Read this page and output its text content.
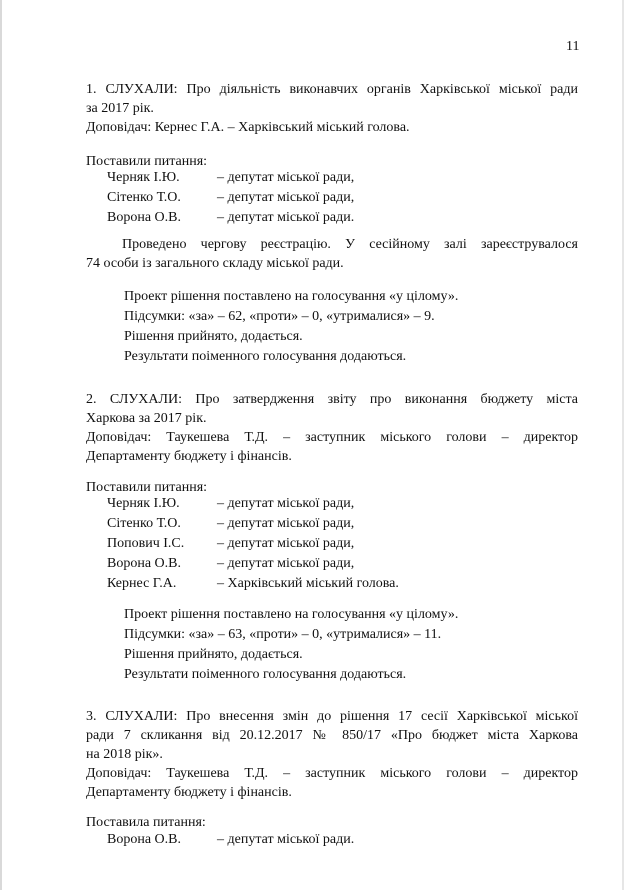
11
1. СЛУХАЛИ: Про діяльність виконавчих органів Харківської міської ради
за 2017 рік.
Доповідач: Кернес Г.А. – Харківський міський голова.
Поставили питання:
Черняк І.Ю.	– депутат міської ради,
Сітенко Т.О.	– депутат міської ради,
Ворона О.В.	– депутат міської ради.
Проведено чергову реєстрацію. У сесійному залі зареєструвалося
74 особи із загального складу міської ради.
Проект рішення поставлено на голосування «у цілому».
Підсумки: «за» – 62, «проти» – 0, «утрималися» – 9.
Рішення прийнято, додається.
Результати поіменного голосування додаються.
2. СЛУХАЛИ: Про затвердження звіту про виконання бюджету міста
Харкова за 2017 рік.
Доповідач: Таукешева Т.Д. – заступник міського голови – директор
Департаменту бюджету і фінансів.
Поставили питання:
Черняк І.Ю.	– депутат міської ради,
Сітенко Т.О.	– депутат міської ради,
Попович І.С. – депутат міської ради,
Ворона О.В.	– депутат міської ради,
Кернес Г.А.	– Харківський міський голова.
Проект рішення поставлено на голосування «у цілому».
Підсумки: «за» – 63, «проти» – 0, «утрималися» – 11.
Рішення прийнято, додається.
Результати поіменного голосування додаються.
3. СЛУХАЛИ: Про внесення змін до рішення 17 сесії Харківської міської
ради 7 скликання від 20.12.2017 № 850/17 «Про бюджет міста Харкова
на 2018 рік».
Доповідач: Таукешева Т.Д. – заступник міського голови – директор
Департаменту бюджету і фінансів.
Поставила питання:
Ворона О.В.	– депутат міської ради.
